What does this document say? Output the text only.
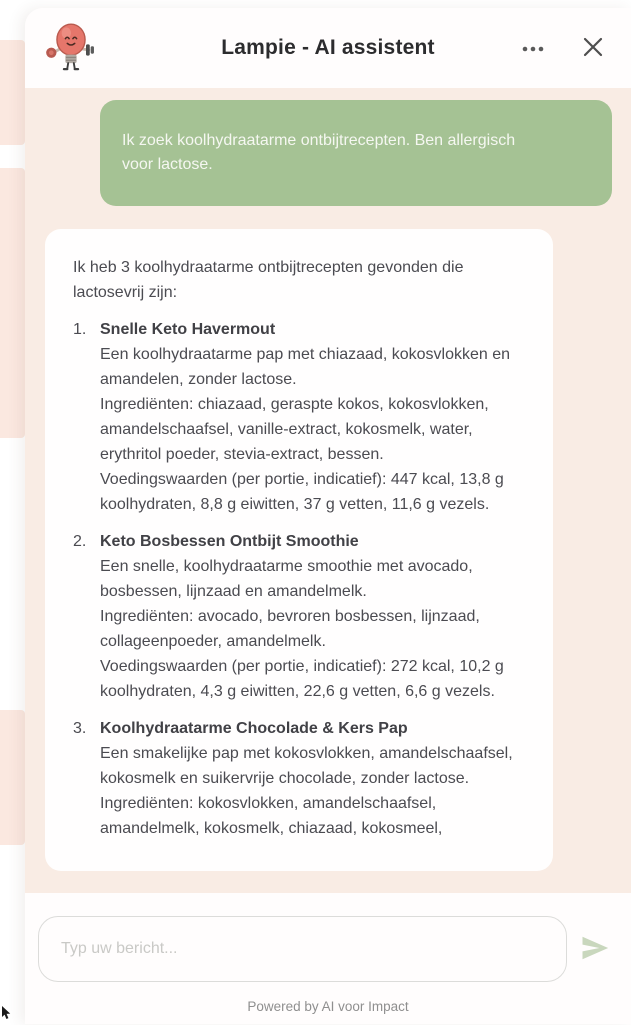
Lampie - AI assistent
Ik zoek koolhydraatarme ontbijtrecepten. Ben allergisch voor lactose.
Ik heb 3 koolhydraatarme ontbijtrecepten gevonden die lactosevrij zijn:
1. Snelle Keto Havermout
Een koolhydraatarme pap met chiazaad, kokosvlokken en amandelen, zonder lactose.
Ingrediënten: chiazaad, geraspte kokos, kokosvlokken, amandelschaafsel, vanille-extract, kokosmelk, water, erythritol poeder, stevia-extract, bessen.
Voedingswaarden (per portie, indicatief): 447 kcal, 13,8 g koolhydraten, 8,8 g eiwitten, 37 g vetten, 11,6 g vezels.
2. Keto Bosbessen Ontbijt Smoothie
Een snelle, koolhydraatarme smoothie met avocado, bosbessen, lijnzaad en amandelmelk.
Ingrediënten: avocado, bevroren bosbessen, lijnzaad, collageenpoeder, amandelmelk.
Voedingswaarden (per portie, indicatief): 272 kcal, 10,2 g koolhydraten, 4,3 g eiwitten, 22,6 g vetten, 6,6 g vezels.
3. Koolhydraatarme Chocolade & Kers Pap
Een smakelijke pap met kokosvlokken, amandelschaafsel, kokosmelk en suikervrije chocolade, zonder lactose.
Ingrediënten: kokosvlokken, amandelschaafsel, amandelmelk, kokosmelk, chiazaad, kokosmeel,
Typ uw bericht...
Powered by AI voor Impact
